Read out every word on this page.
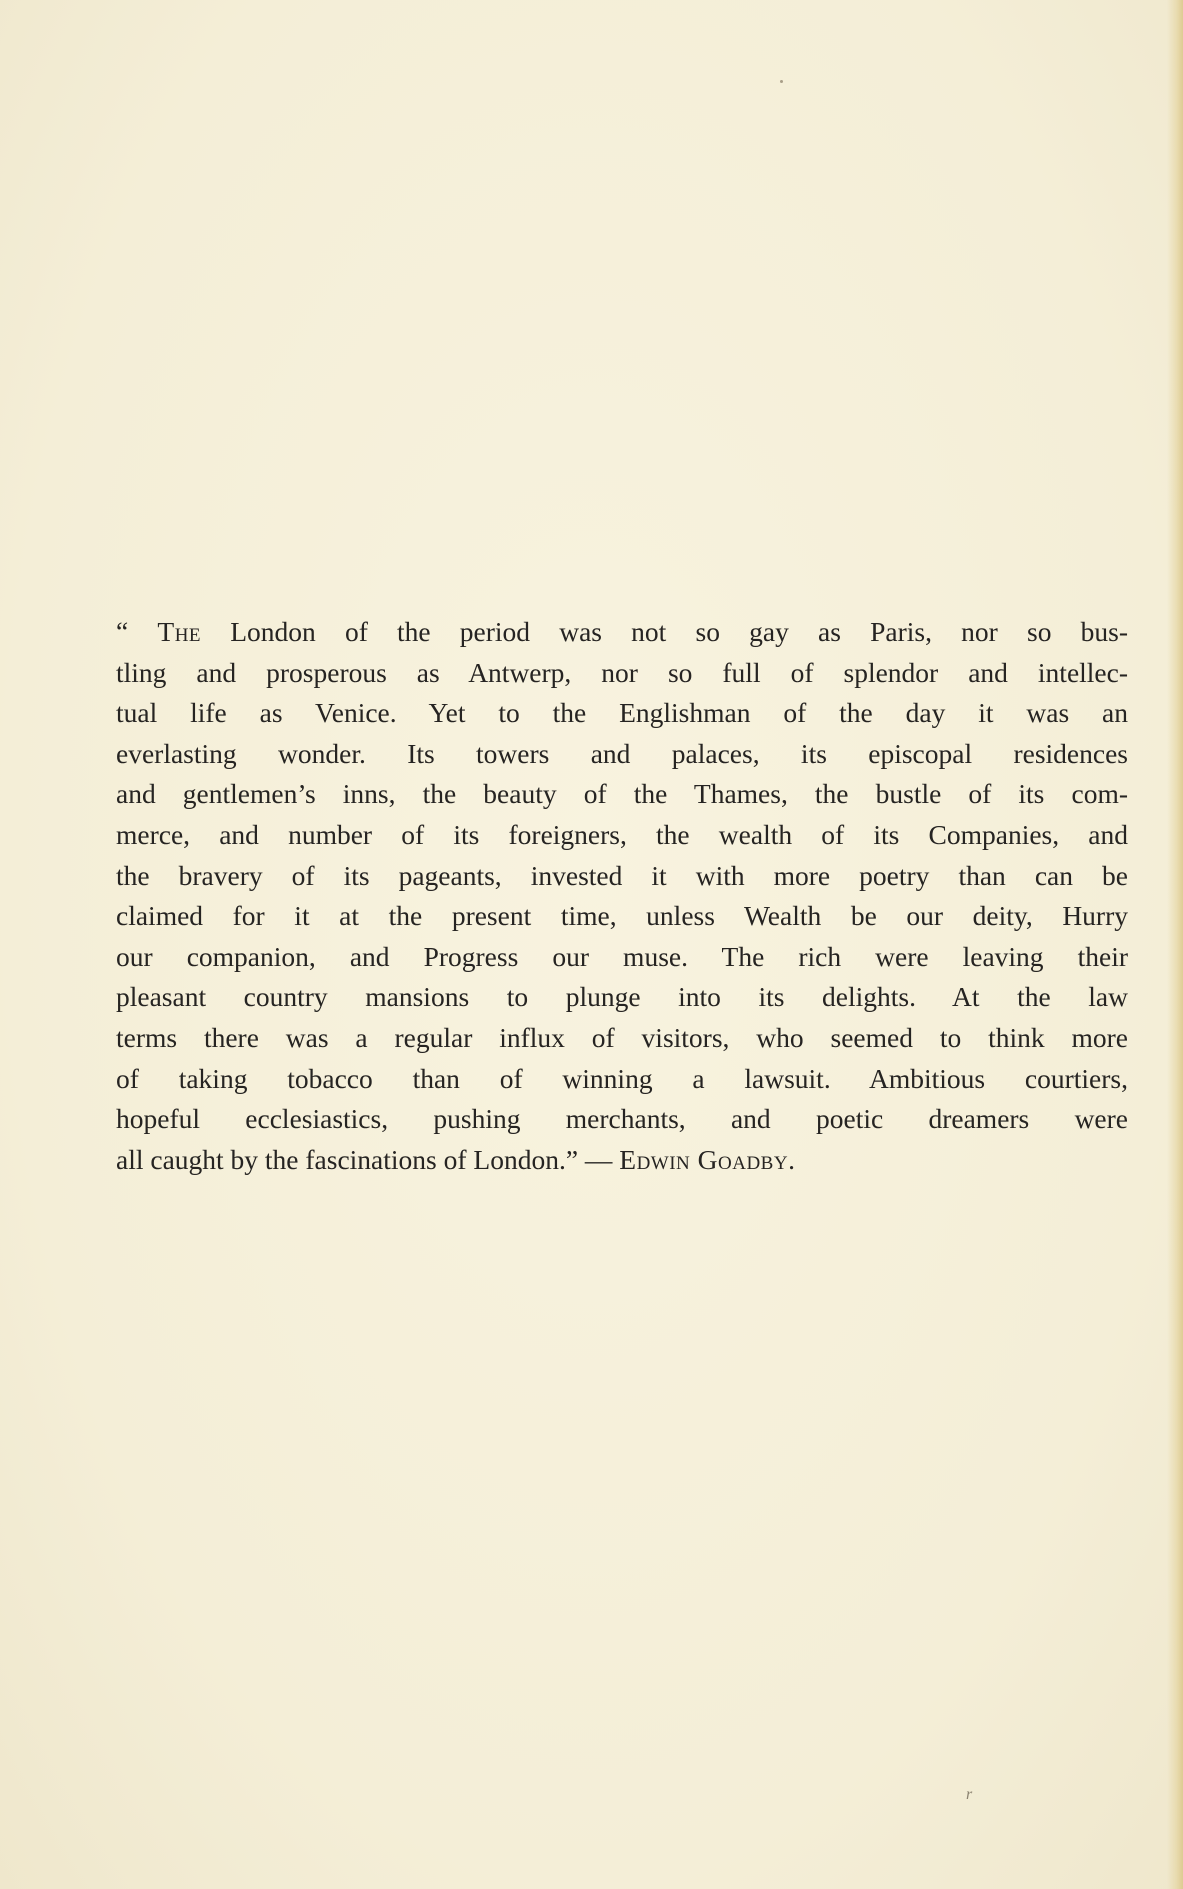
“ The London of the period was not so gay as Paris, nor so bus-
tling and prosperous as Antwerp, nor so full of splendor and intellec-
tual life as Venice. Yet to the Englishman of the day it was an
everlasting wonder. Its towers and palaces, its episcopal residences
and gentlemen’s inns, the beauty of the Thames, the bustle of its com-
merce, and number of its foreigners, the wealth of its Companies, and
the bravery of its pageants, invested it with more poetry than can be
claimed for it at the present time, unless Wealth be our deity, Hurry
our companion, and Progress our muse. The rich were leaving their
pleasant country mansions to plunge into its delights. At the law
terms there was a regular influx of visitors, who seemed to think more
of taking tobacco than of winning a lawsuit. Ambitious courtiers,
hopeful ecclesiastics, pushing merchants, and poetic dreamers were
all caught by the fascinations of London.” — Edwin Goadby.
r
